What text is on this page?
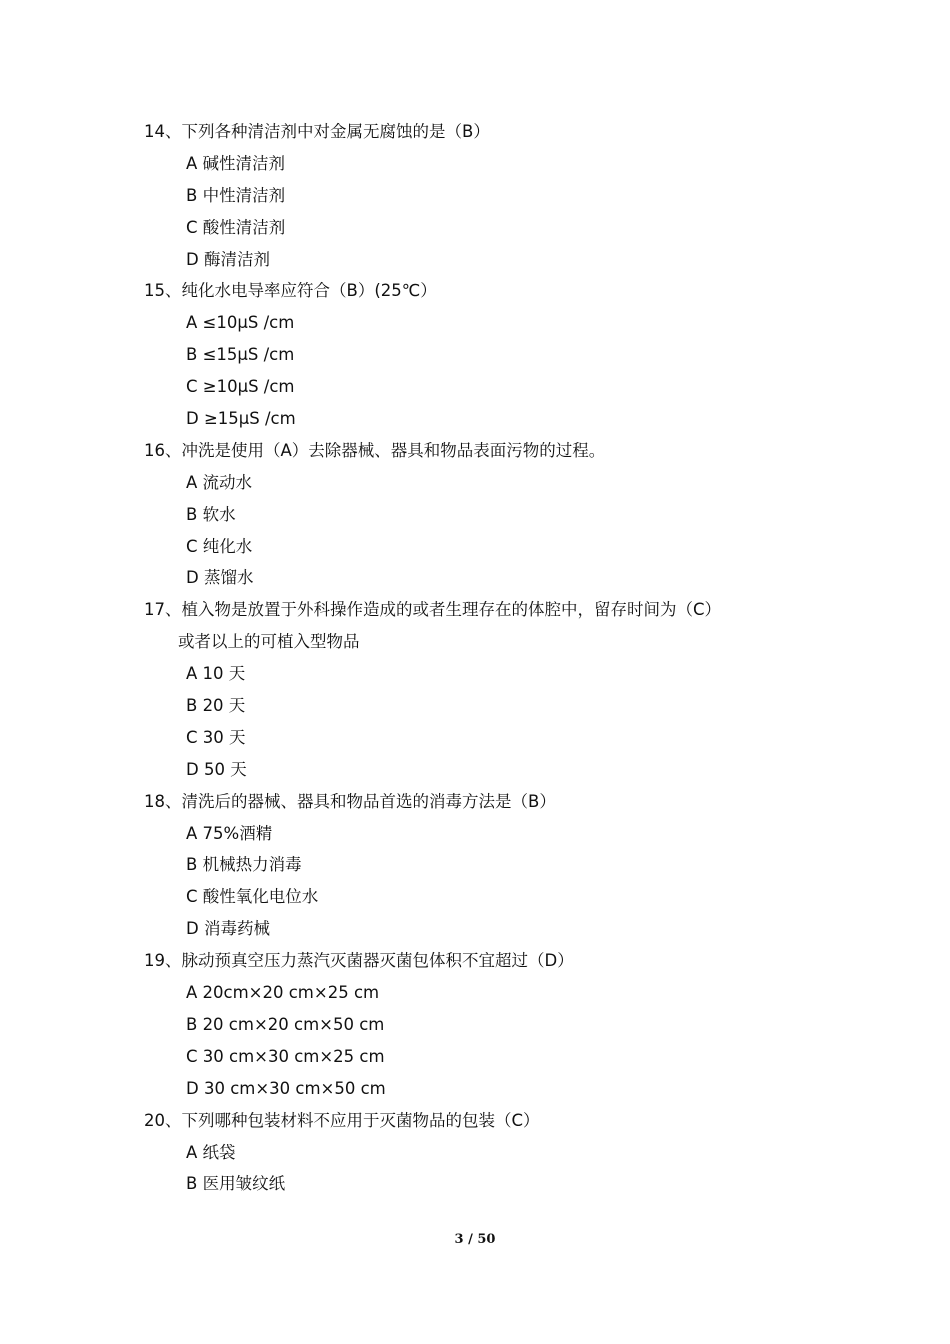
14、下列各种清洁剂中对金属无腐蚀的是（B）
A 碱性清洁剂
B 中性清洁剂
C 酸性清洁剂
D 酶清洁剂
15、纯化水电导率应符合（B）(25℃）
A ≤10μS /cm
B ≤15μS /cm
C ≥10μS /cm
D ≥15μS /cm
16、冲洗是使用（A）去除器械、器具和物品表面污物的过程。
A 流动水
B 软水
C 纯化水
D 蒸馏水
17、植入物是放置于外科操作造成的或者生理存在的体腔中，留存时间为（C）
或者以上的可植入型物品
A 10 天
B 20 天
C 30 天
D 50 天
18、清洗后的器械、器具和物品首选的消毒方法是（B）
A 75%酒精
B 机械热力消毒
C 酸性氧化电位水
D 消毒药械
19、脉动预真空压力蒸汽灭菌器灭菌包体积不宜超过（D）
A 20cm×20 cm×25 cm
B 20 cm×20 cm×50 cm
C 30 cm×30 cm×25 cm
D 30 cm×30 cm×50 cm
20、下列哪种包装材料不应用于灭菌物品的包装（C）
A 纸袋
B 医用皱纹纸
3 / 50
